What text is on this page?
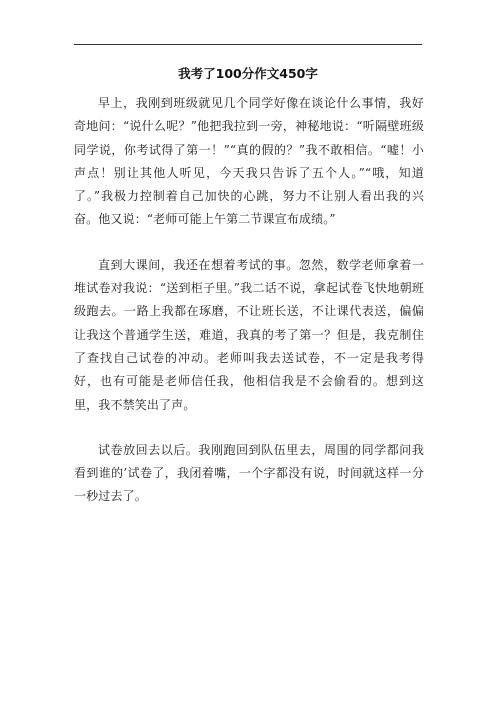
我考了100分作文450字

早上，我刚到班级就见几个同学好像在谈论什么事情，我好奇地问：“说什么呢？”他把我拉到一旁，神秘地说：“听隔壁班级同学说，你考试得了第一！”“真的假的？”我不敢相信。“嘘！小声点！别让其他人听见，今天我只告诉了五个人。”“哦，知道了。”我极力控制着自己加快的心跳，努力不让别人看出我的兴奋。他又说：“老师可能上午第二节课宣布成绩。”

直到大课间，我还在想着考试的事。忽然，数学老师拿着一堆试卷对我说：“送到柜子里。”我二话不说，拿起试卷飞快地朝班级跑去。一路上我都在琢磨，不让班长送，不让课代表送，偏偏让我这个普通学生送，难道，我真的考了第一？但是，我克制住了查找自己试卷的冲动。老师叫我去送试卷，不一定是我考得好，也有可能是老师信任我，他相信我是不会偷看的。想到这里，我不禁笑出了声。

试卷放回去以后。我刚跑回到队伍里去，周围的同学都问我看到谁的’试卷了，我闭着嘴，一个字都没有说，时间就这样一分一秒过去了。
